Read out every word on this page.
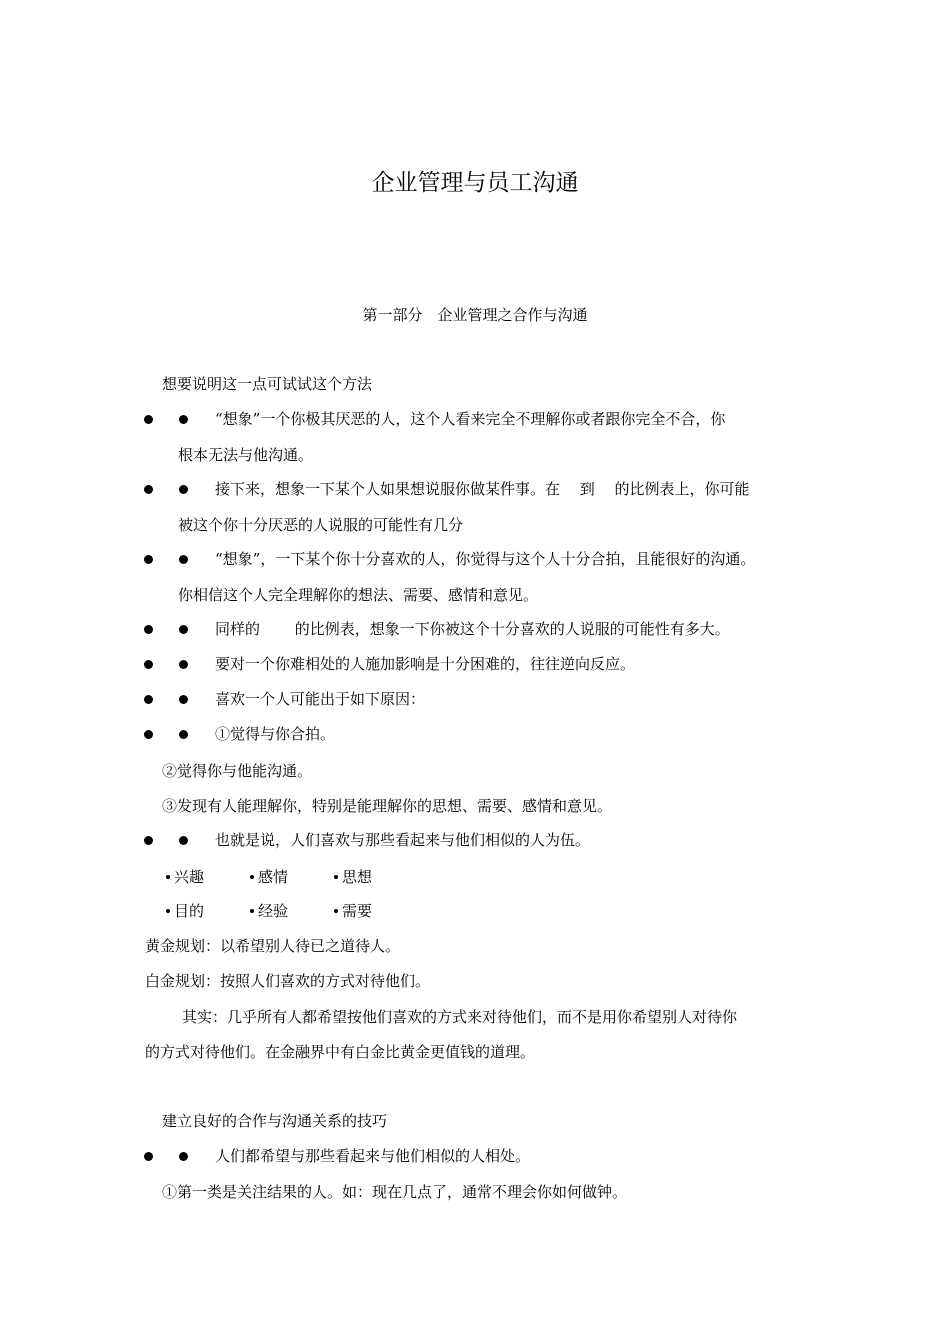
企业管理与员工沟通
第一部分　企业管理之合作与沟通
想要说明这一点可试试这个方法
“想象”一个你极其厌恶的人，这个人看来完全不理解你或者跟你完全不合，你
根本无法与他沟通。
接下来，想象一下某个人如果想说服你做某件事。在　 到　 的比例表上，你可能
被这个你十分厌恶的人说服的可能性有几分
“想象”，一下某个你十分喜欢的人，你觉得与这个人十分合拍，且能很好的沟通。
你相信这个人完全理解你的想法、需要、感情和意见。
同样的　　 的比例表，想象一下你被这个十分喜欢的人说服的可能性有多大。
要对一个你难相处的人施加影响是十分困难的，往往逆向反应。
喜欢一个人可能出于如下原因：
①觉得与你合拍。
②觉得你与他能沟通。
③发现有人能理解你，特别是能理解你的思想、需要、感情和意见。
也就是说，人们喜欢与那些看起来与他们相似的人为伍。
兴趣	感情	思想
目的	经验	需要
黄金规划：以希望别人待已之道待人。
白金规划：按照人们喜欢的方式对待他们。
其实：几乎所有人都希望按他们喜欢的方式来对待他们，而不是用你希望别人对待你
的方式对待他们。在金融界中有白金比黄金更值钱的道理。
建立良好的合作与沟通关系的技巧
人们都希望与那些看起来与他们相似的人相处。
①第一类是关注结果的人。如：现在几点了，通常不理会你如何做钟。
